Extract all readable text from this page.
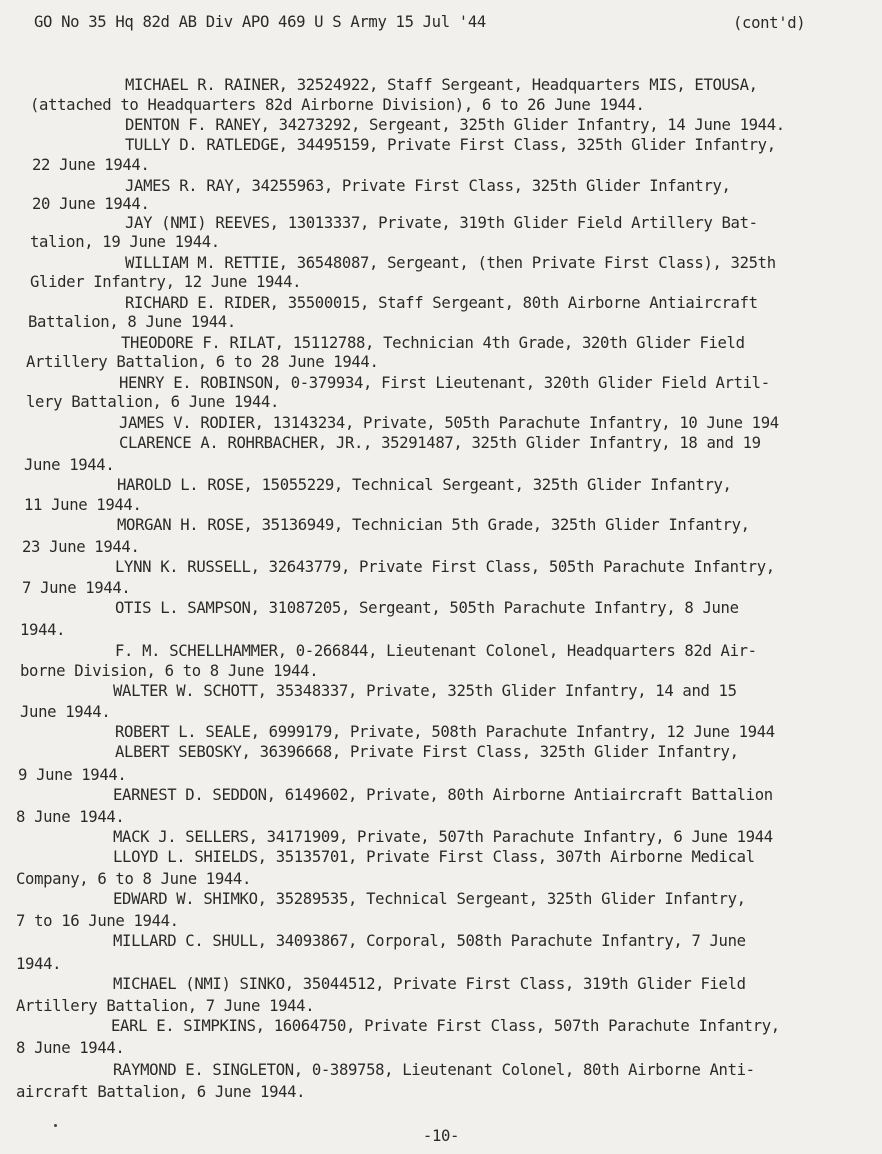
GO No 35 Hq 82d AB Div APO 469 U S Army 15 Jul '44	(cont'd)
MICHAEL R. RAINER, 32524922, Staff Sergeant, Headquarters MIS, ETOUSA,
(attached to Headquarters 82d Airborne Division), 6 to 26 June 1944.
DENTON F. RANEY, 34273292, Sergeant, 325th Glider Infantry, 14 June 1944.
TULLY D. RATLEDGE, 34495159, Private First Class, 325th Glider Infantry,
22 June 1944.
JAMES R. RAY, 34255963, Private First Class, 325th Glider Infantry,
20 June 1944.
JAY (NMI) REEVES, 13013337, Private, 319th Glider Field Artillery Bat-
talion, 19 June 1944.
WILLIAM M. RETTIE, 36548087, Sergeant, (then Private First Class), 325th
Glider Infantry, 12 June 1944.
RICHARD E. RIDER, 35500015, Staff Sergeant, 80th Airborne Antiaircraft
Battalion, 8 June 1944.
THEODORE F. RILAT, 15112788, Technician 4th Grade, 320th Glider Field
Artillery Battalion, 6 to 28 June 1944.
HENRY E. ROBINSON, 0-379934, First Lieutenant, 320th Glider Field Artil-
lery Battalion, 6 June 1944.
JAMES V. RODIER, 13143234, Private, 505th Parachute Infantry, 10 June 194
CLARENCE A. ROHRBACHER, JR., 35291487, 325th Glider Infantry, 18 and 19
June 1944.
HAROLD L. ROSE, 15055229, Technical Sergeant, 325th Glider Infantry,
11 June 1944.
MORGAN H. ROSE, 35136949, Technician 5th Grade, 325th Glider Infantry,
23 June 1944.
LYNN K. RUSSELL, 32643779, Private First Class, 505th Parachute Infantry,
7 June 1944.
OTIS L. SAMPSON, 31087205, Sergeant, 505th Parachute Infantry, 8 June
1944.
F. M. SCHELLHAMMER, 0-266844, Lieutenant Colonel, Headquarters 82d Air-
borne Division, 6 to 8 June 1944.
WALTER W. SCHOTT, 35348337, Private, 325th Glider Infantry, 14 and 15
June 1944.
ROBERT L. SEALE, 6999179, Private, 508th Parachute Infantry, 12 June 1944
ALBERT SEBOSKY, 36396668, Private First Class, 325th Glider Infantry,
9 June 1944.
EARNEST D. SEDDON, 6149602, Private, 80th Airborne Antiaircraft Battalion
8 June 1944.
MACK J. SELLERS, 34171909, Private, 507th Parachute Infantry, 6 June 1944
LLOYD L. SHIELDS, 35135701, Private First Class, 307th Airborne Medical
Company, 6 to 8 June 1944.
EDWARD W. SHIMKO, 35289535, Technical Sergeant, 325th Glider Infantry,
7 to 16 June 1944.
MILLARD C. SHULL, 34093867, Corporal, 508th Parachute Infantry, 7 June
1944.
MICHAEL (NMI) SINKO, 35044512, Private First Class, 319th Glider Field
Artillery Battalion, 7 June 1944.
EARL E. SIMPKINS, 16064750, Private First Class, 507th Parachute Infantry,
8 June 1944.
RAYMOND E. SINGLETON, 0-389758, Lieutenant Colonel, 80th Airborne Anti-
aircraft Battalion, 6 June 1944.
-10-
